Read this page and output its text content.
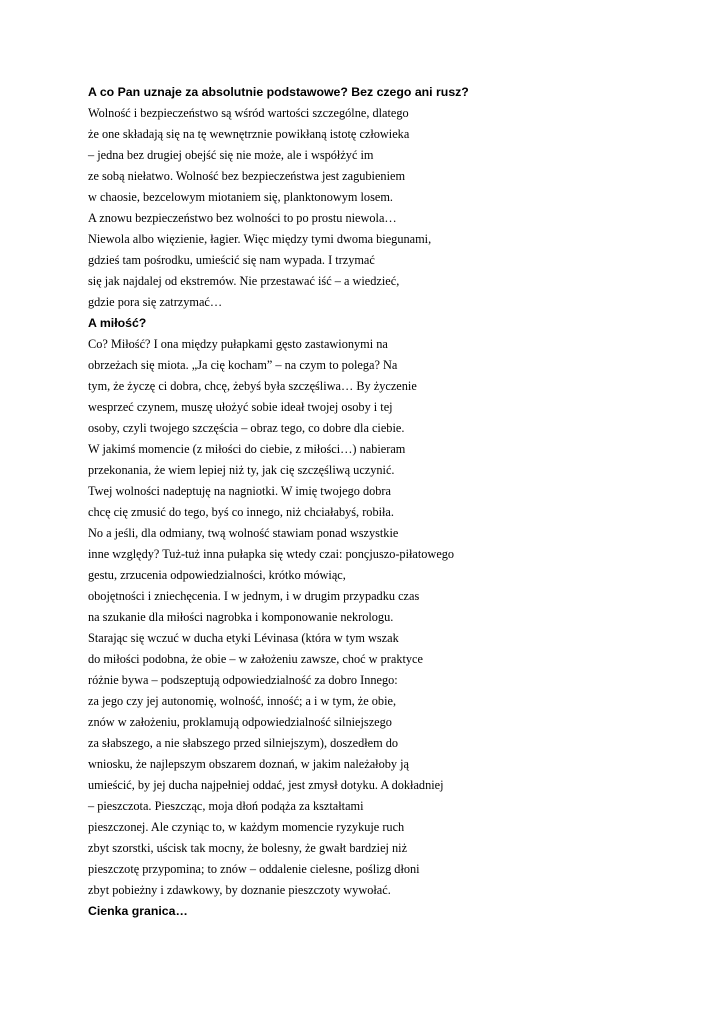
A co Pan uznaje za absolutnie podstawowe? Bez czego ani rusz?
Wolność i bezpieczeństwo są wśród wartości szczególne, dlatego
że one składają się na tę wewnętrznie powikłaną istotę człowieka
– jedna bez drugiej obejść się nie może, ale i współżyć im
ze sobą niełatwo. Wolność bez bezpieczeństwa jest zagubieniem
w chaosie, bezcelowym miotaniem się, planktonowym losem.
A znowu bezpieczeństwo bez wolności to po prostu niewola…
Niewola albo więzienie, łagier. Więc między tymi dwoma biegunami,
gdzieś tam pośrodku, umieścić się nam wypada. I trzymać
się jak najdalej od ekstremów. Nie przestawać iść – a wiedzieć,
gdzie pora się zatrzymać…
A miłość?
Co? Miłość? I ona między pułapkami gęsto zastawionymi na
obrzeżach się miota. „Ja cię kocham” – na czym to polega? Na
tym, że życzę ci dobra, chcę, żebyś była szczęśliwa… By życzenie
wesprzeć czynem, muszę ułożyć sobie ideał twojej osoby i tej
osoby, czyli twojego szczęścia – obraz tego, co dobre dla ciebie.
W jakimś momencie (z miłości do ciebie, z miłości…) nabieram
przekonania, że wiem lepiej niż ty, jak cię szczęśliwą uczynić.
Twej wolności nadeptuję na nagniotki. W imię twojego dobra
chcę cię zmusić do tego, byś co innego, niż chciałabyś, robiła.
No a jeśli, dla odmiany, twą wolność stawiam ponad wszystkie
inne względy? Tuż‑tuż inna pułapka się wtedy czai: ponçjuszo‑piłatowego
gestu, zrzucenia odpowiedzialności, krótko mówiąc,
obojętności i zniechęcenia. I w jednym, i w drugim przypadku czas
na szukanie dla miłości nagrobka i komponowanie nekrologu.
Starając się wczuć w ducha etyki Lévinasa (która w tym wszak
do miłości podobna, że obie – w założeniu zawsze, choć w praktyce
różnie bywa – podszeptują odpowiedzialność za dobro Innego:
za jego czy jej autonomię, wolność, inność; a i w tym, że obie,
znów w założeniu, proklamują odpowiedzialność silniejszego
za słabszego, a nie słabszego przed silniejszym), doszedłem do
wniosku, że najlepszym obszarem doznań, w jakim należałoby ją
umieścić, by jej ducha najpełniej oddać, jest zmysł dotyku. A dokładniej
– pieszczota. Pieszcząc, moja dłoń podąża za kształtami
pieszczonej. Ale czyniąc to, w każdym momencie ryzykuje ruch
zbyt szorstki, uścisk tak mocny, że bolesny, że gwałt bardziej niż
pieszczotę przypomina; to znów – oddalenie cielesne, poślizg dłoni
zbyt pobieżny i zdawkowy, by doznanie pieszczoty wywołać.
Cienka granica…
